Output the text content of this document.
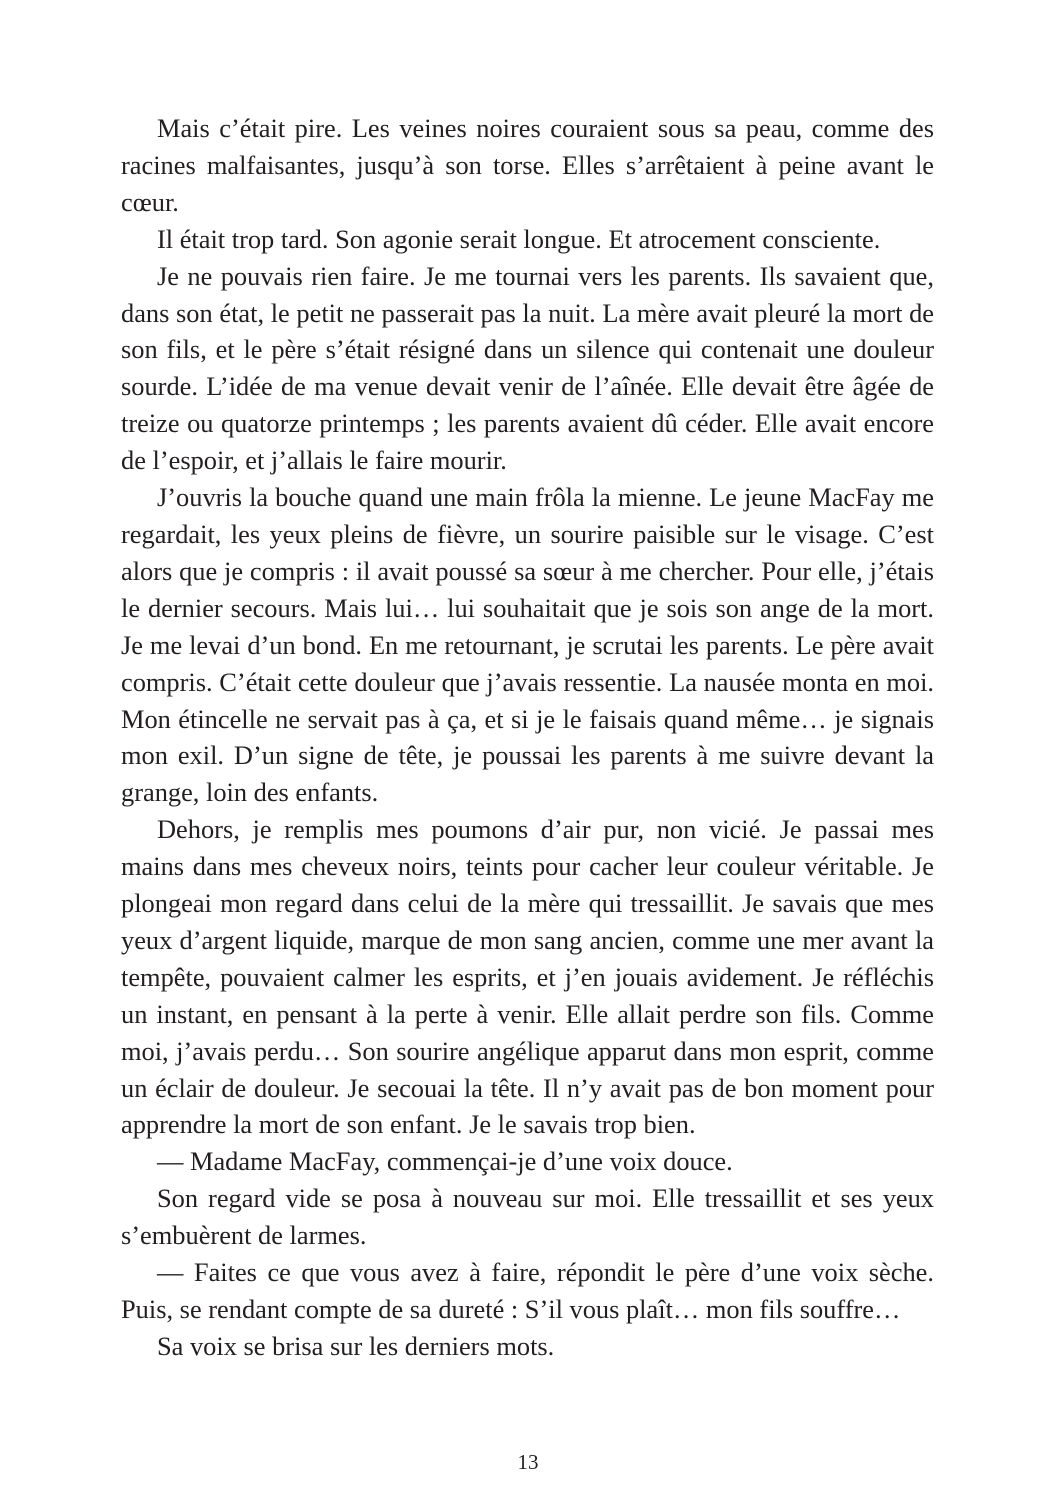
Mais c’était pire. Les veines noires couraient sous sa peau, comme des racines malfaisantes, jusqu’à son torse. Elles s’arrêtaient à peine avant le cœur.

Il était trop tard. Son agonie serait longue. Et atrocement consciente.

Je ne pouvais rien faire. Je me tournai vers les parents. Ils savaient que, dans son état, le petit ne passerait pas la nuit. La mère avait pleuré la mort de son fils, et le père s’était résigné dans un silence qui contenait une douleur sourde. L’idée de ma venue devait venir de l’aînée. Elle devait être âgée de treize ou quatorze printemps ; les parents avaient dû céder. Elle avait encore de l’espoir, et j’allais le faire mourir.

J’ouvris la bouche quand une main frôla la mienne. Le jeune MacFay me regardait, les yeux pleins de fièvre, un sourire paisible sur le visage. C’est alors que je compris : il avait poussé sa sœur à me chercher. Pour elle, j’étais le dernier secours. Mais lui… lui souhaitait que je sois son ange de la mort. Je me levai d’un bond. En me retournant, je scrutai les parents. Le père avait compris. C’était cette douleur que j’avais ressentie. La nausée monta en moi. Mon étincelle ne servait pas à ça, et si je le faisais quand même… je signais mon exil. D’un signe de tête, je poussai les parents à me suivre devant la grange, loin des enfants.

Dehors, je remplis mes poumons d’air pur, non vicié. Je passai mes mains dans mes cheveux noirs, teints pour cacher leur couleur véritable. Je plongeai mon regard dans celui de la mère qui tressaillit. Je savais que mes yeux d’argent liquide, marque de mon sang ancien, comme une mer avant la tempête, pouvaient calmer les esprits, et j’en jouais avidement. Je réfléchis un instant, en pensant à la perte à venir. Elle allait perdre son fils. Comme moi, j’avais perdu… Son sourire angélique apparut dans mon esprit, comme un éclair de douleur. Je secouai la tête. Il n’y avait pas de bon moment pour apprendre la mort de son enfant. Je le savais trop bien.

— Madame MacFay, commençai-je d’une voix douce.

Son regard vide se posa à nouveau sur moi. Elle tressaillit et ses yeux s’embuèrent de larmes.

— Faites ce que vous avez à faire, répondit le père d’une voix sèche. Puis, se rendant compte de sa dureté : S’il vous plaît… mon fils souffre…

Sa voix se brisa sur les derniers mots.

13
